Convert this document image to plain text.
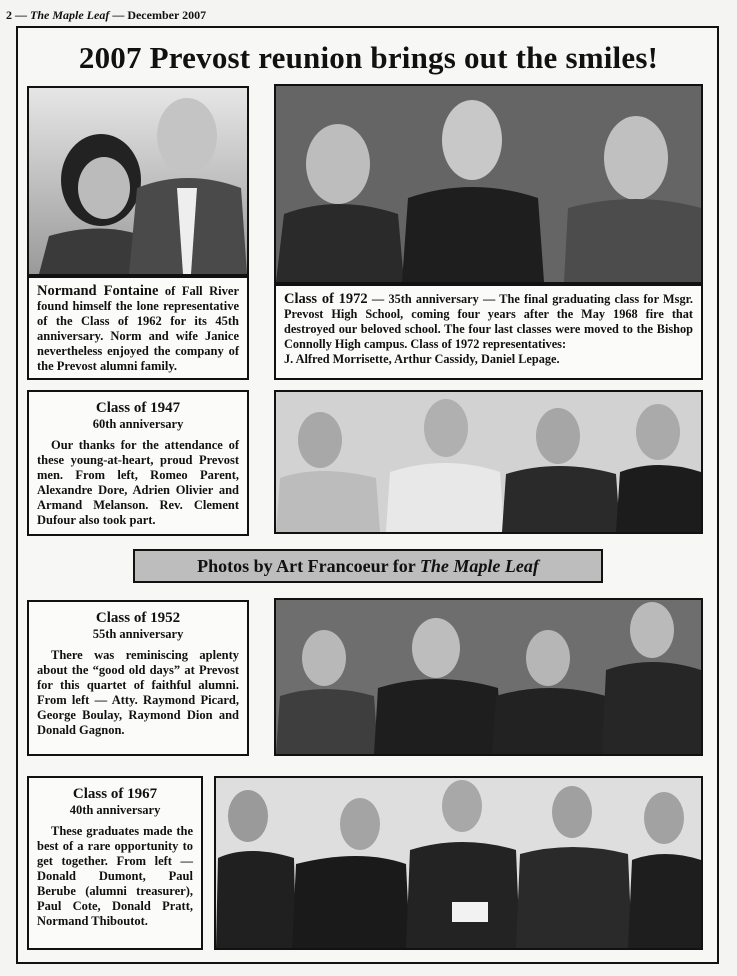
2 — The Maple Leaf — December 2007
2007 Prevost reunion brings out the smiles!
Normand Fontaine of Fall River found himself the lone representative of the Class of 1962 for its 45th anniversary. Norm and wife Janice nevertheless enjoyed the company of the Prevost alumni family.
Class of 1972 — 35th anniversary — The final graduating class for Msgr. Prevost High School, coming four years after the May 1968 fire that destroyed our beloved school. The four last classes were moved to the Bishop Connolly High campus. Class of 1972 representatives:
J. Alfred Morrisette, Arthur Cassidy, Daniel Lepage.
Class of 1947
60th anniversary
Our thanks for the attendance of these young-at-heart, proud Prevost men. From left, Romeo Parent, Alexandre Dore, Adrien Olivier and Armand Melanson. Rev. Clement Dufour also took part.
Photos by Art Francoeur for The Maple Leaf
Class of 1952
55th anniversary
There was reminiscing aplenty about the “good old days” at Prevost for this quartet of faithful alumni. From left — Atty. Raymond Picard, George Boulay, Raymond Dion and Donald Gagnon.
Class of 1967
40th anniversary
These graduates made the best of a rare opportunity to get together. From left — Donald Dumont, Paul Berube (alumni treasurer), Paul Cote, Donald Pratt, Normand Thiboutot.
